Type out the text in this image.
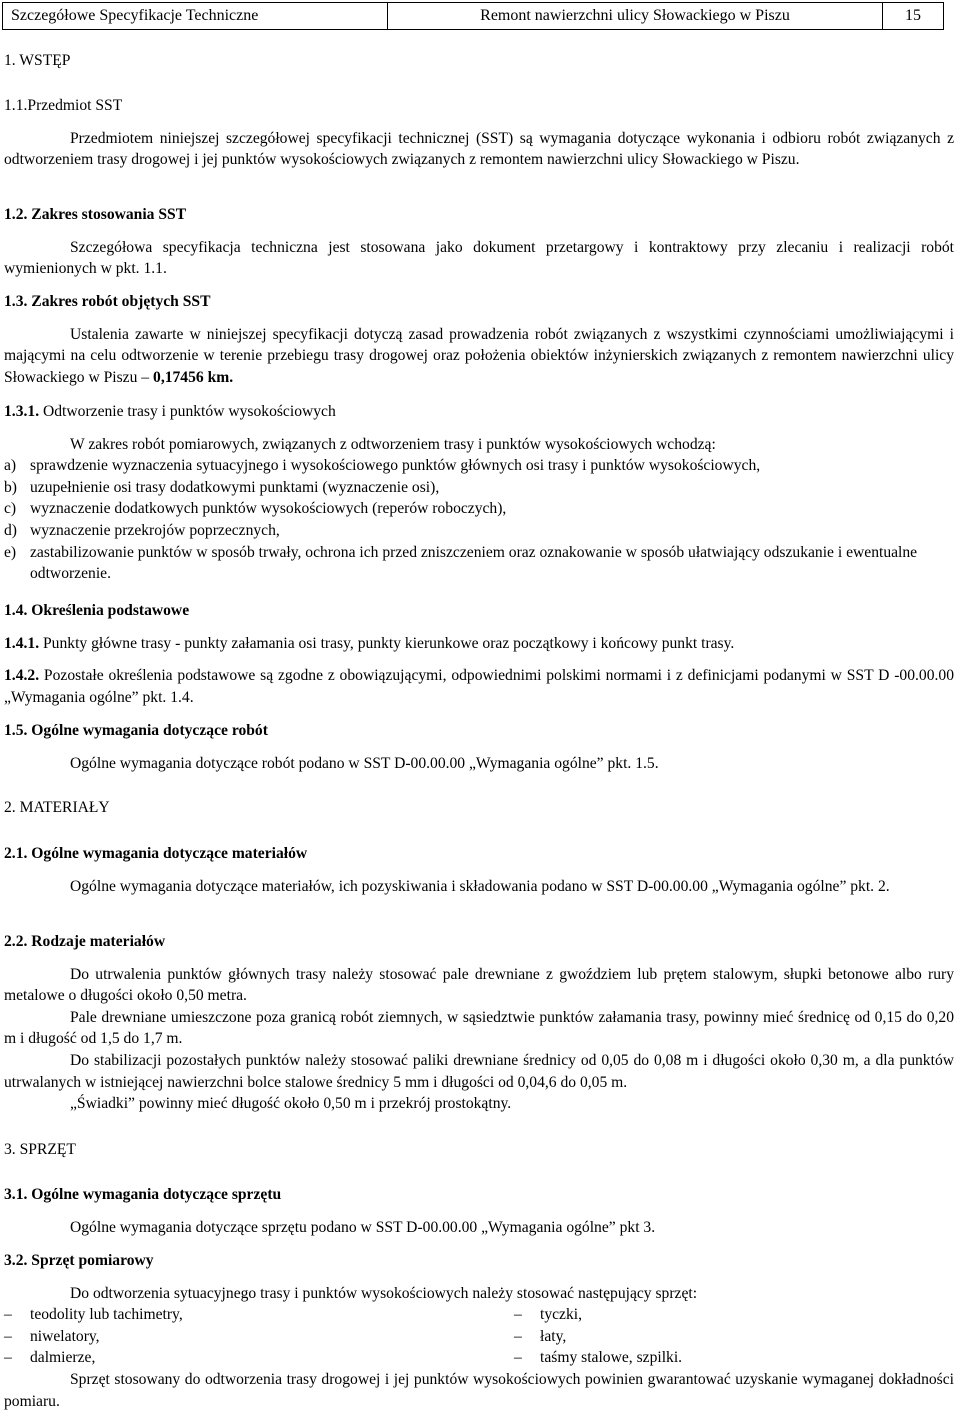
Szczegółowe Specyfikacje Techniczne	Remont nawierzchni ulicy Słowackiego w Piszu	15

1. WSTĘP

1.1.Przedmiot SST

Przedmiotem niniejszej szczegółowej specyfikacji technicznej (SST) są wymagania dotyczące wykonania i odbioru robót związanych z odtworzeniem trasy drogowej i jej punktów wysokościowych związanych z remontem nawierzchni ulicy Słowackiego w Piszu.

1.2. Zakres stosowania SST

Szczegółowa specyfikacja techniczna jest stosowana jako dokument przetargowy i kontraktowy przy zlecaniu i realizacji robót wymienionych w pkt. 1.1.

1.3. Zakres robót objętych SST

Ustalenia zawarte w niniejszej specyfikacji dotyczą zasad prowadzenia robót związanych z wszystkimi czynnościami umożliwiającymi i mającymi na celu odtworzenie w terenie przebiegu trasy drogowej oraz położenia obiektów inżynierskich związanych z remontem nawierzchni ulicy Słowackiego w Piszu – 0,17456 km.

1.3.1. Odtworzenie trasy i punktów wysokościowych

W zakres robót pomiarowych, związanych z odtworzeniem trasy i punktów wysokościowych wchodzą:

a) sprawdzenie wyznaczenia sytuacyjnego i wysokościowego punktów głównych osi trasy i punktów wysokościowych,
b) uzupełnienie osi trasy dodatkowymi punktami (wyznaczenie osi),
c) wyznaczenie dodatkowych punktów wysokościowych (reperów roboczych),
d) wyznaczenie przekrojów poprzecznych,
e) zastabilizowanie punktów w sposób trwały, ochrona ich przed zniszczeniem oraz oznakowanie w sposób ułatwiający odszukanie i ewentualne odtworzenie.

1.4. Określenia podstawowe

1.4.1. Punkty główne trasy - punkty załamania osi trasy, punkty kierunkowe oraz początkowy i końcowy punkt trasy.

1.4.2. Pozostałe określenia podstawowe są zgodne z obowiązującymi, odpowiednimi polskimi normami i z definicjami podanymi w SST D -00.00.00 „Wymagania ogólne” pkt. 1.4.

1.5. Ogólne wymagania dotyczące robót

Ogólne wymagania dotyczące robót podano w SST D-00.00.00 „Wymagania ogólne” pkt. 1.5.

2. MATERIAŁY

2.1. Ogólne wymagania dotyczące materiałów

Ogólne wymagania dotyczące materiałów, ich pozyskiwania i składowania podano w SST D-00.00.00 „Wymagania ogólne” pkt. 2.

2.2. Rodzaje materiałów

Do utrwalenia punktów głównych trasy należy stosować pale drewniane z gwoździem lub prętem stalowym, słupki betonowe albo rury metalowe o długości około 0,50 metra.

Pale drewniane umieszczone poza granicą robót ziemnych, w sąsiedztwie punktów załamania trasy, powinny mieć średnicę od 0,15 do 0,20 m i długość od 1,5 do 1,7 m.

Do stabilizacji pozostałych punktów należy stosować paliki drewniane średnicy od 0,05 do 0,08 m i długości około 0,30 m, a dla punktów utrwalanych w istniejącej nawierzchni bolce stalowe średnicy 5 mm i długości od 0,04,6 do 0,05 m.

„Świadki” powinny mieć długość około 0,50 m i przekrój prostokątny.

3. SPRZĘT

3.1. Ogólne wymagania dotyczące sprzętu

Ogólne wymagania dotyczące sprzętu podano w SST D-00.00.00 „Wymagania ogólne” pkt 3.

3.2. Sprzęt pomiarowy

Do odtworzenia sytuacyjnego trasy i punktów wysokościowych należy stosować następujący sprzęt:

–	teodolity lub tachimetry,	–	tyczki,
–	niwelatory,	–	łaty,
–	dalmierze,	–	taśmy stalowe, szpilki.

Sprzęt stosowany do odtworzenia trasy drogowej i jej punktów wysokościowych powinien gwarantować uzyskanie wymaganej dokładności pomiaru.
